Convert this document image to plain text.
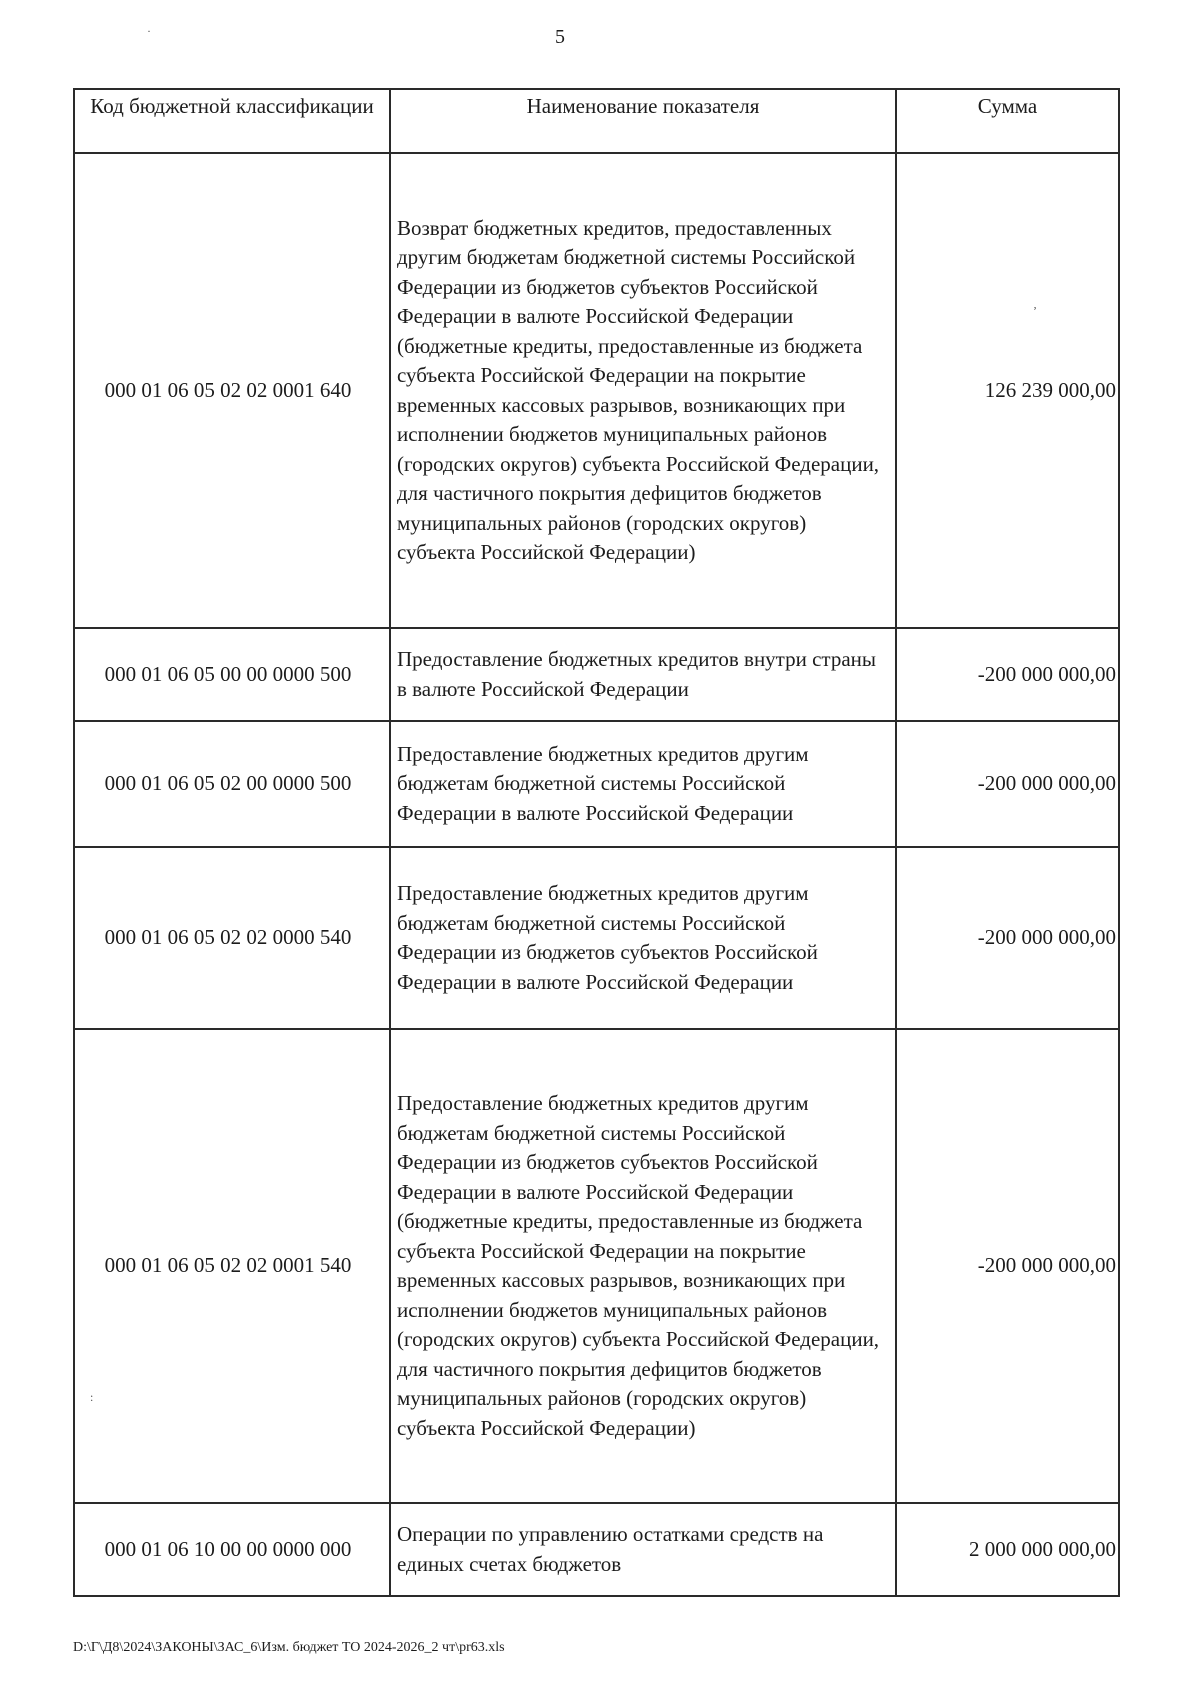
5
·
ʼ
:
Код бюджетной классификации	Наименование показателя	Сумма
000 01 06 05 02 02 0001 640	Возврат бюджетных кредитов, предоставленных другим бюджетам бюджетной системы Российской Федерации из бюджетов субъектов Российской Федерации в валюте Российской Федерации (бюджетные кредиты, предоставленные из бюджета субъекта Российской Федерации на покрытие временных кассовых разрывов, возникающих при исполнении бюджетов муниципальных районов (городских округов) субъекта Российской Федерации, для частичного покрытия дефицитов бюджетов муниципальных районов (городских округов) субъекта Российской Федерации)	126 239 000,00
000 01 06 05 00 00 0000 500	Предоставление бюджетных кредитов внутри страны в валюте Российской Федерации	-200 000 000,00
000 01 06 05 02 00 0000 500	Предоставление бюджетных кредитов другим бюджетам бюджетной системы Российской Федерации в валюте Российской Федерации	-200 000 000,00
000 01 06 05 02 02 0000 540	Предоставление бюджетных кредитов другим бюджетам бюджетной системы Российской Федерации из бюджетов субъектов Российской Федерации в валюте Российской Федерации	-200 000 000,00
000 01 06 05 02 02 0001 540	Предоставление бюджетных кредитов другим бюджетам бюджетной системы Российской Федерации из бюджетов субъектов Российской Федерации в валюте Российской Федерации (бюджетные кредиты, предоставленные из бюджета субъекта Российской Федерации на покрытие временных кассовых разрывов, возникающих при исполнении бюджетов муниципальных районов (городских округов) субъекта Российской Федерации, для частичного покрытия дефицитов бюджетов муниципальных районов (городских округов) субъекта Российской Федерации)	-200 000 000,00
000 01 06 10 00 00 0000 000	Операции по управлению остатками средств на единых счетах бюджетов	2 000 000 000,00
D:\Г\Д8\2024\ЗАКОНЫ\ЗАС_6\Изм. бюджет ТО 2024-2026_2 чт\рr63.xls
